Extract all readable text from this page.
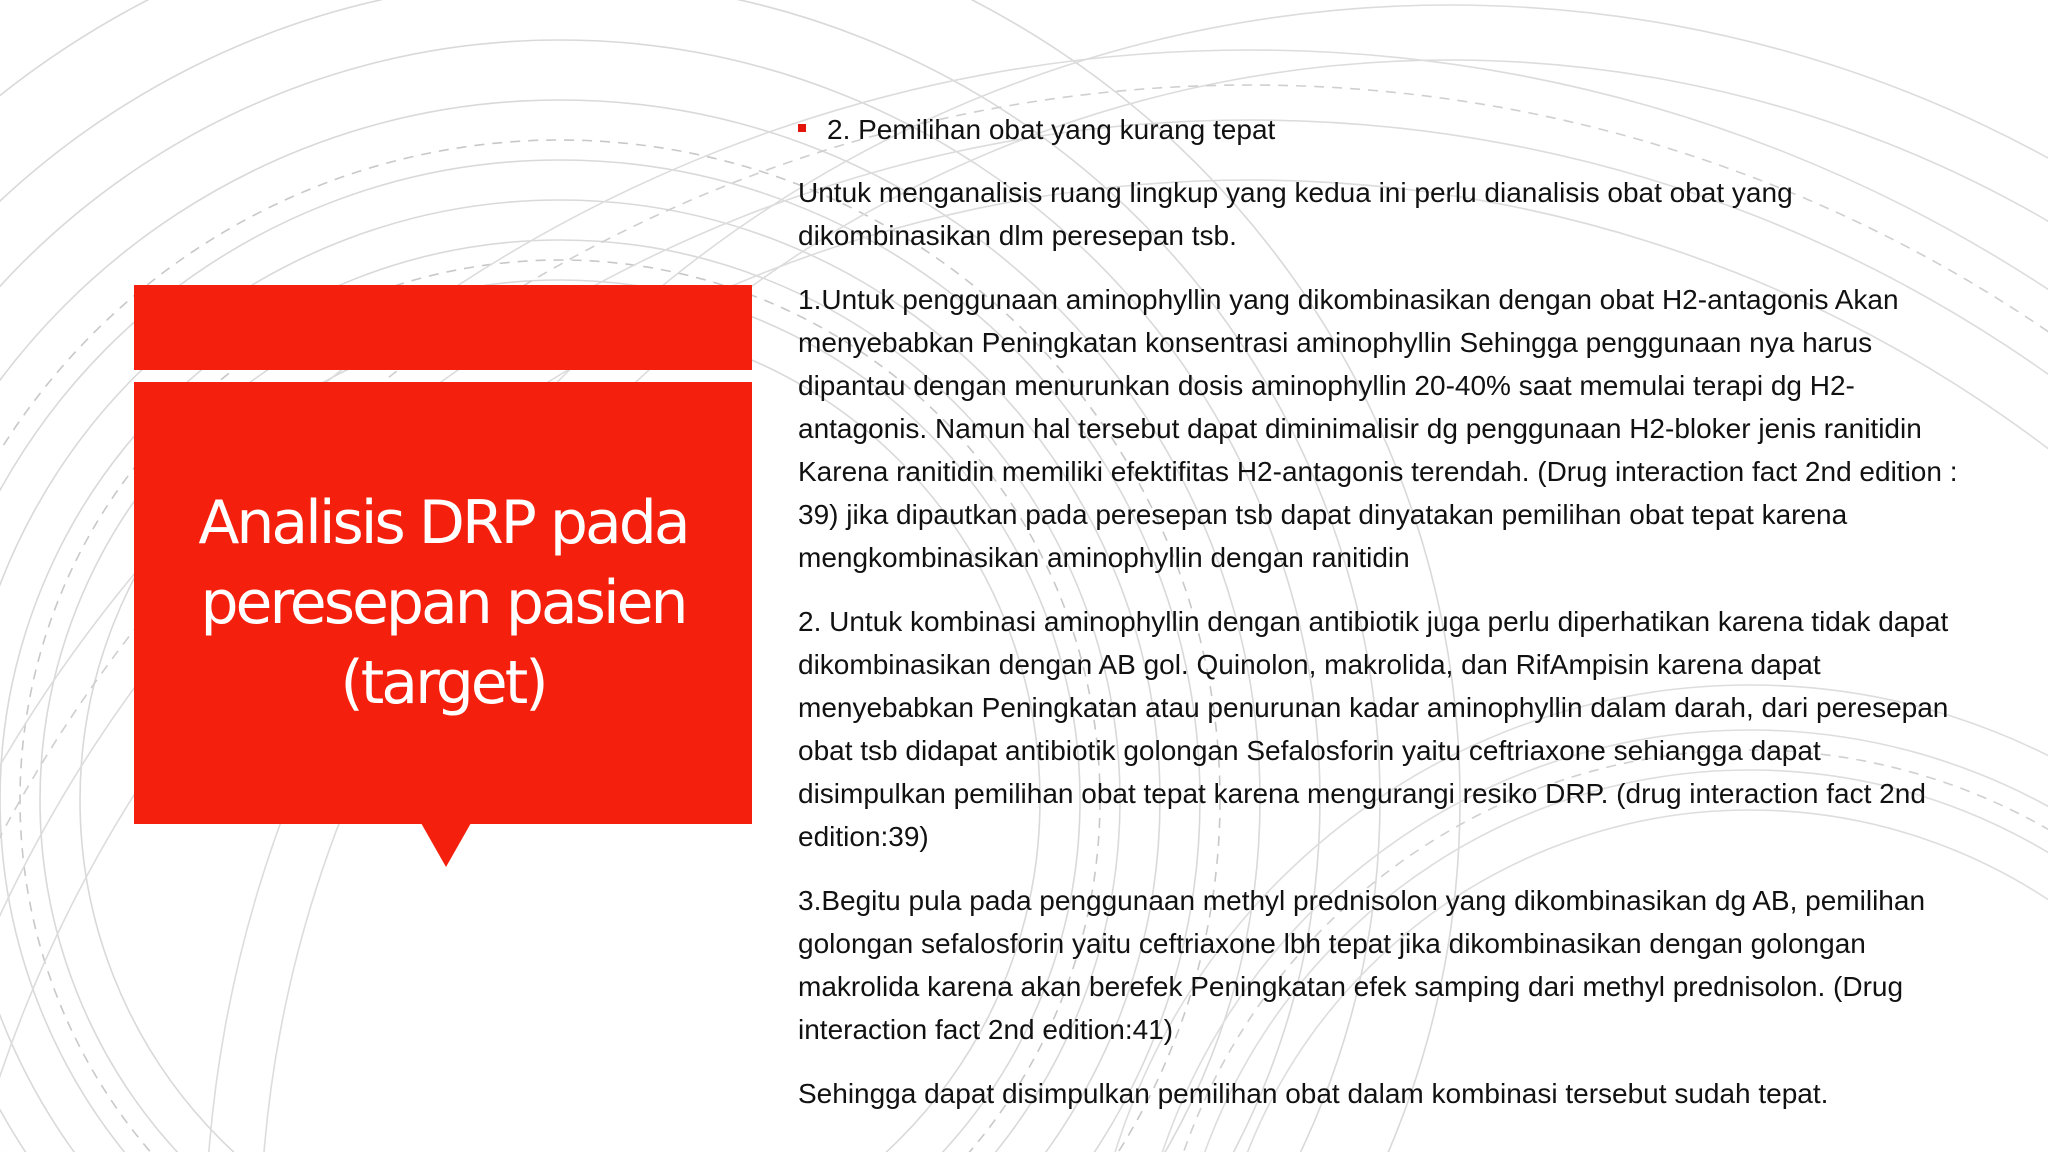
Analisis DRP pada
peresepan pasien
(target)
2. Pemilihan obat yang kurang tepat

Untuk menganalisis ruang lingkup yang kedua ini perlu dianalisis obat obat yang
dikombinasikan dlm peresepan tsb.

1.Untuk penggunaan aminophyllin yang dikombinasikan dengan obat H2-antagonis Akan
menyebabkan Peningkatan konsentrasi aminophyllin Sehingga penggunaan nya harus
dipantau dengan menurunkan dosis aminophyllin 20-40% saat memulai terapi dg H2-
antagonis. Namun hal tersebut dapat diminimalisir dg penggunaan H2-bloker jenis ranitidin
Karena ranitidin memiliki efektifitas H2-antagonis terendah. (Drug interaction fact 2nd edition :
39) jika dipautkan pada peresepan tsb dapat dinyatakan pemilihan obat tepat karena
mengkombinasikan aminophyllin dengan ranitidin

2. Untuk kombinasi aminophyllin dengan antibiotik juga perlu diperhatikan karena tidak dapat
dikombinasikan dengan AB gol. Quinolon, makrolida, dan RifAmpisin karena dapat
menyebabkan Peningkatan atau penurunan kadar aminophyllin dalam darah, dari peresepan
obat tsb didapat antibiotik golongan Sefalosforin yaitu ceftriaxone sehiangga dapat
disimpulkan pemilihan obat tepat karena mengurangi resiko DRP. (drug interaction fact 2nd
edition:39)

3.Begitu pula pada penggunaan methyl prednisolon yang dikombinasikan dg AB, pemilihan
golongan sefalosforin yaitu ceftriaxone lbh tepat jika dikombinasikan dengan golongan
makrolida karena akan berefek Peningkatan efek samping dari methyl prednisolon. (Drug
interaction fact 2nd edition:41)

Sehingga dapat disimpulkan pemilihan obat dalam kombinasi tersebut sudah tepat.
